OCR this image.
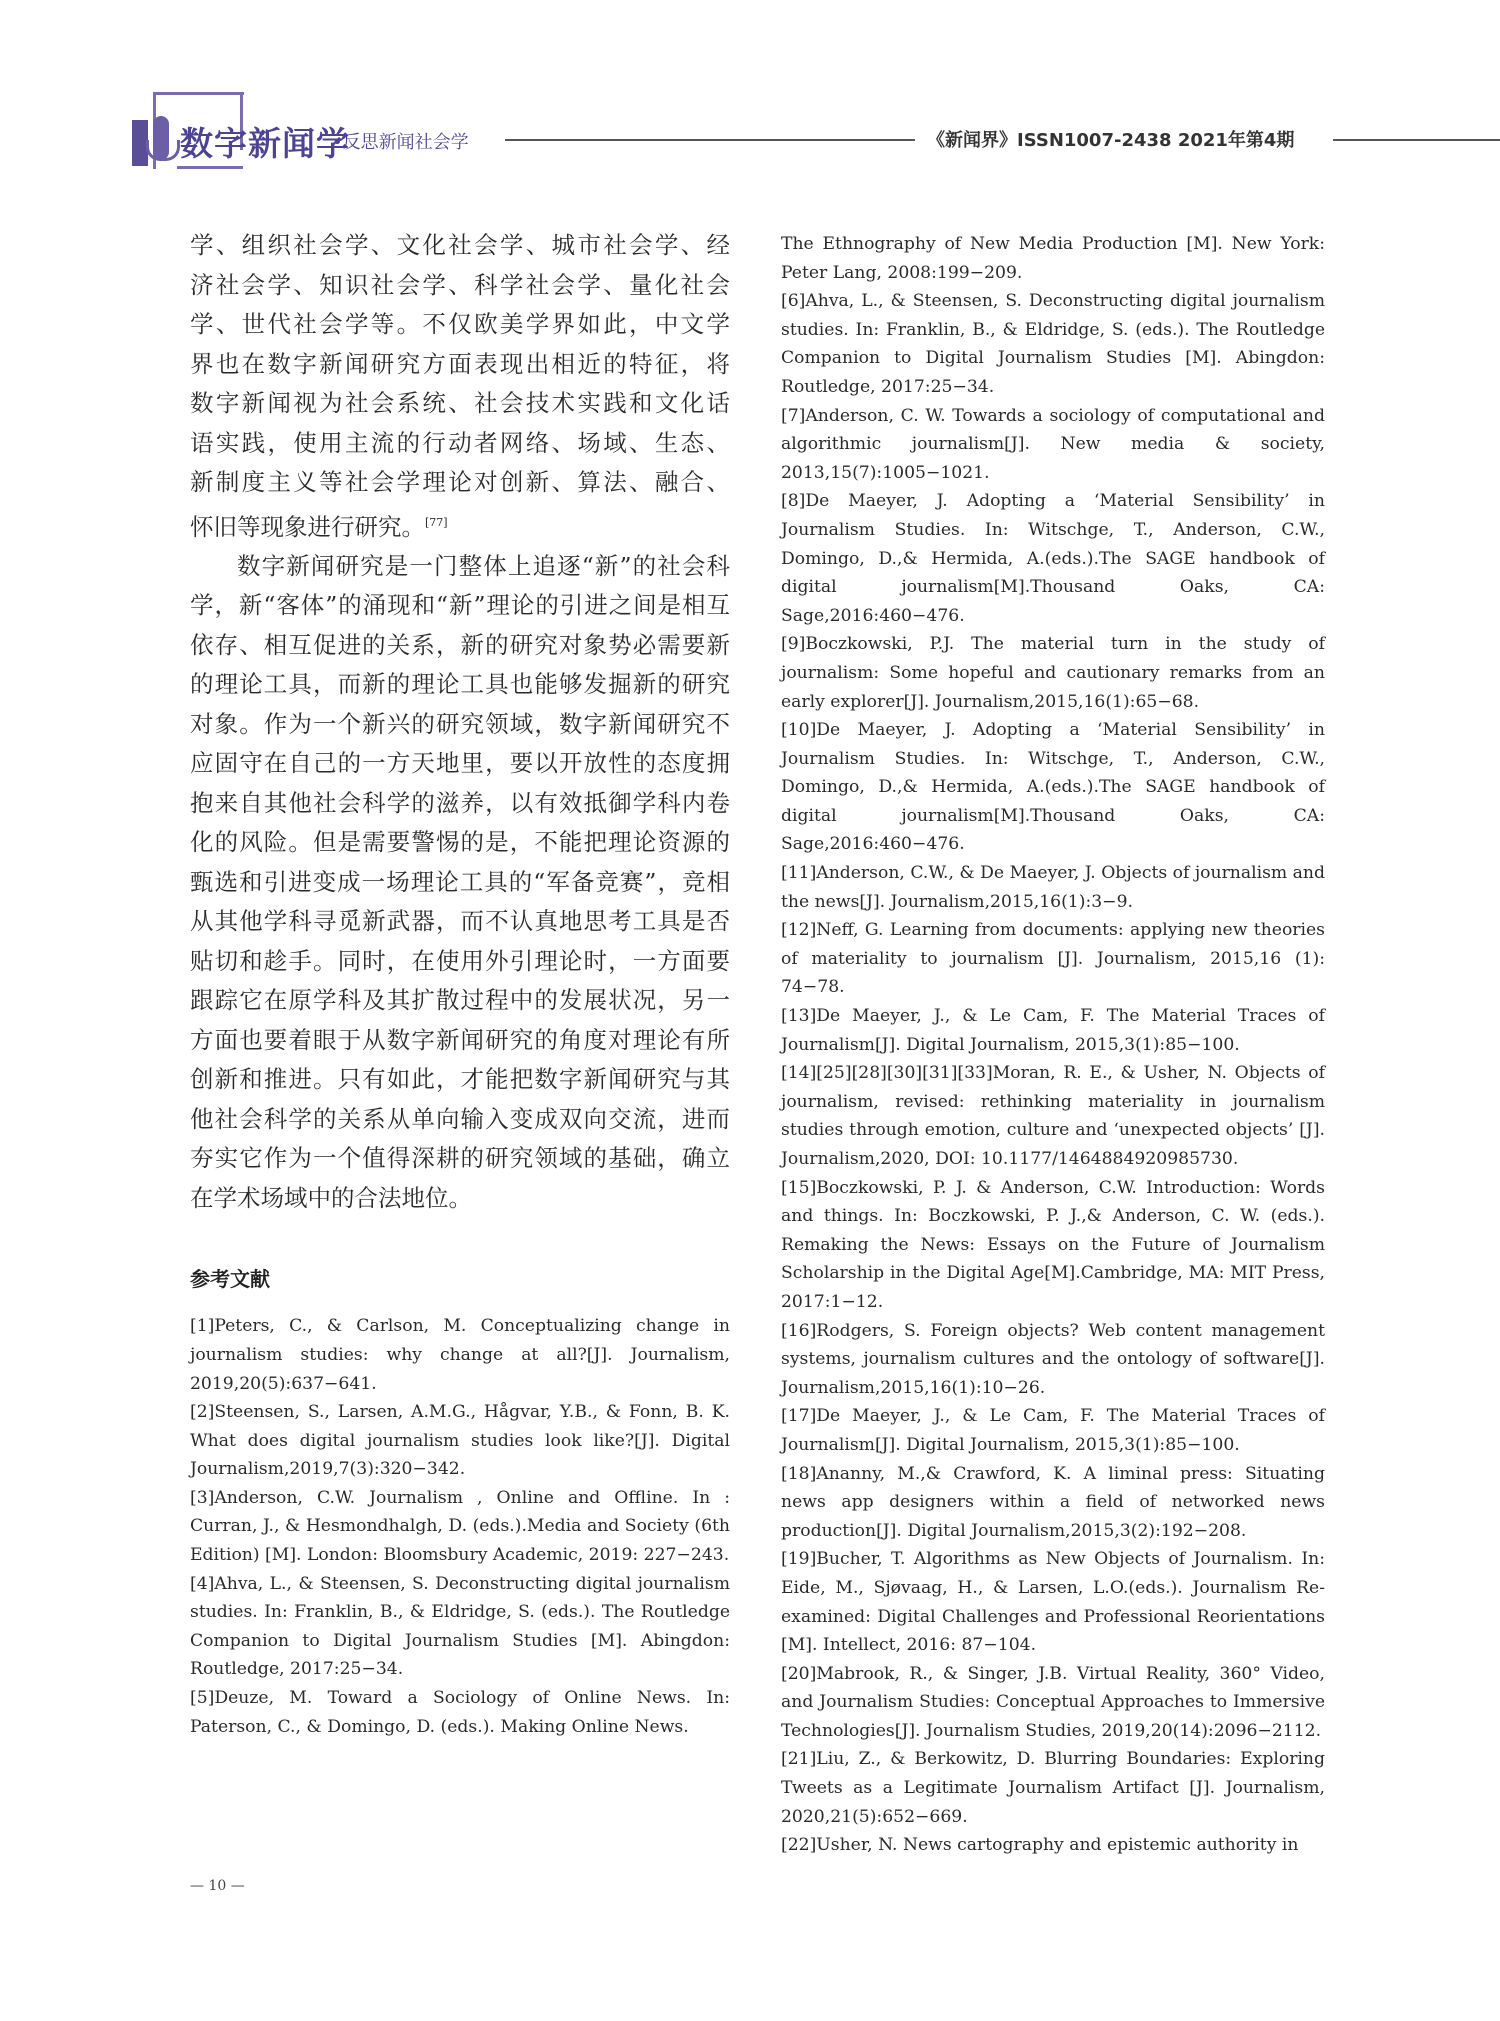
数字新闻学
•反思新闻社会学	《新闻界》ISSN1007-2438 2021年第4期

学、组织社会学、文化社会学、城市社会学、经

济社会学、知识社会学、科学社会学、量化社会

学、世代社会学等。不仅欧美学界如此，中文学

界也在数字新闻研究方面表现出相近的特征，将

数字新闻视为社会系统、社会技术实践和文化话

语实践，使用主流的行动者网络、场域、生态、

新制度主义等社会学理论对创新、算法、融合、

怀旧等现象进行研究。[77]

数字新闻研究是一门整体上追逐“新”的社会科学，新“客体”的涌现和“新”理论的引进之间是相互依存、相互促进的关系，新的研究对象势必需要新的理论工具，而新的理论工具也能够发掘新的研究对象。作为一个新兴的研究领域，数字新闻研究不应固守在自己的一方天地里，要以开放性的态度拥抱来自其他社会科学的滋养，以有效抵御学科内卷化的风险。但是需要警惕的是，不能把理论资源的甄选和引进变成一场理论工具的“军备竞赛”，竞相从其他学科寻觅新武器，而不认真地思考工具是否贴切和趁手。同时，在使用外引理论时，一方面要跟踪它在原学科及其扩散过程中的发展状况，另一方面也要着眼于从数字新闻研究的角度对理论有所创新和推进。只有如此，才能把数字新闻研究与其他社会科学的关系从单向输入变成双向交流，进而夯实它作为一个值得深耕的研究领域的基础，确立在学术场域中的合法地位。

参考文献
[1]Peters, C., & Carlson, M. Conceptualizing change in journalism studies: why change at all?[J]. Journalism, 2019,20(5):637−641.
[2]Steensen, S., Larsen, A.M.G., Hågvar, Y.B., & Fonn, B. K. What does digital journalism studies look like?[J]. Digital Journalism,2019,7(3):320−342.
[3]Anderson, C.W. Journalism , Online and Offline. In : Curran, J., & Hesmondhalgh, D. (eds.).Media and Society (6th Edition) [M]. London: Bloomsbury Academic, 2019: 227−243.
[4]Ahva, L., & Steensen, S. Deconstructing digital journalism studies. In: Franklin, B., & Eldridge, S. (eds.). The Routledge Companion to Digital Journalism Studies [M]. Abingdon: Routledge, 2017:25−34.
[5]Deuze, M. Toward a Sociology of Online News. In: Paterson, C., & Domingo, D. (eds.). Making Online News.
The Ethnography of New Media Production [M]. New York: Peter Lang, 2008:199−209.
[6]Ahva, L., & Steensen, S. Deconstructing digital journalism studies. In: Franklin, B., & Eldridge, S. (eds.). The Routledge Companion to Digital Journalism Studies [M]. Abingdon: Routledge, 2017:25−34.
[7]Anderson, C. W. Towards a sociology of computational and algorithmic journalism[J]. New media & society, 2013,15(7):1005−1021.
[8]De Maeyer, J. Adopting a ‘Material Sensibility’ in Journalism Studies. In: Witschge, T., Anderson, C.W., Domingo, D.,& Hermida, A.(eds.).The SAGE handbook of digital journalism[M].Thousand Oaks, CA: Sage,2016:460−476.
[9]Boczkowski, P.J. The material turn in the study of journalism: Some hopeful and cautionary remarks from an early explorer[J]. Journalism,2015,16(1):65−68.
[10]De Maeyer, J. Adopting a ‘Material Sensibility’ in Journalism Studies. In: Witschge, T., Anderson, C.W., Domingo, D.,& Hermida, A.(eds.).The SAGE handbook of digital journalism[M].Thousand Oaks, CA: Sage,2016:460−476.
[11]Anderson, C.W., & De Maeyer, J. Objects of journalism and the news[J]. Journalism,2015,16(1):3−9.
[12]Neff, G. Learning from documents: applying new theories of materiality to journalism [J]. Journalism, 2015,16 (1): 74−78.
[13]De Maeyer, J., & Le Cam, F. The Material Traces of Journalism[J]. Digital Journalism, 2015,3(1):85−100.
[14][25][28][30][31][33]Moran, R. E., & Usher, N. Objects of journalism, revised: rethinking materiality in journalism studies through emotion, culture and ‘unexpected objects’ [J]. Journalism,2020, DOI: 10.1177/1464884920985730.
[15]Boczkowski, P. J. & Anderson, C.W. Introduction: Words and things. In: Boczkowski, P. J.,& Anderson, C. W. (eds.). Remaking the News: Essays on the Future of Journalism Scholarship in the Digital Age[M].Cambridge, MA: MIT Press, 2017:1−12.
[16]Rodgers, S. Foreign objects? Web content management systems, journalism cultures and the ontology of software[J]. Journalism,2015,16(1):10−26.
[17]De Maeyer, J., & Le Cam, F. The Material Traces of Journalism[J]. Digital Journalism, 2015,3(1):85−100.
[18]Ananny, M.,& Crawford, K. A liminal press: Situating news app designers within a field of networked news production[J]. Digital Journalism,2015,3(2):192−208.
[19]Bucher, T. Algorithms as New Objects of Journalism. In: Eide, M., Sjøvaag, H., & Larsen, L.O.(eds.). Journalism Re-examined: Digital Challenges and Professional Reorientations [M]. Intellect, 2016: 87−104.
[20]Mabrook, R., & Singer, J.B. Virtual Reality, 360° Video, and Journalism Studies: Conceptual Approaches to Immersive Technologies[J]. Journalism Studies, 2019,20(14):2096−2112.
[21]Liu, Z., & Berkowitz, D. Blurring Boundaries: Exploring Tweets as a Legitimate Journalism Artifact [J]. Journalism, 2020,21(5):652−669.
[22]Usher, N. News cartography and epistemic authority in
— 10 —
